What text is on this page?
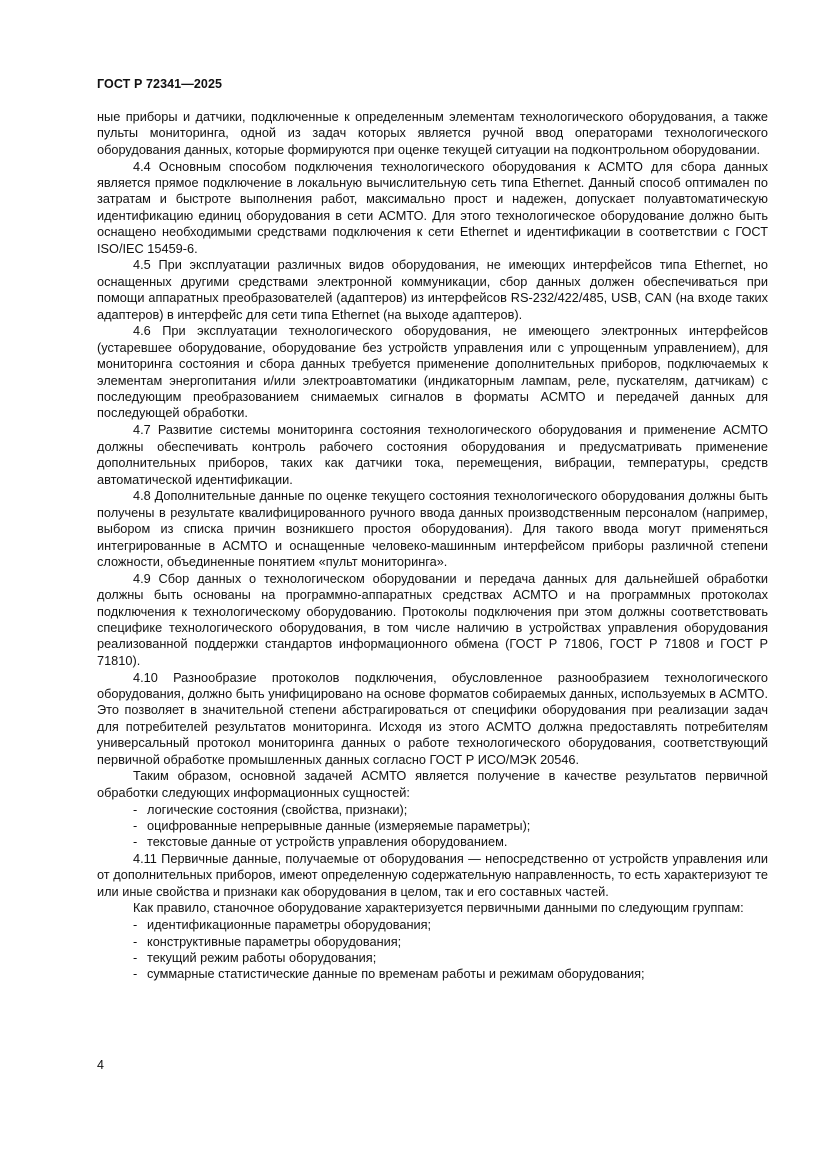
ГОСТ Р 72341—2025

ные приборы и датчики, подключенные к определенным элементам технологического оборудования, а также пульты мониторинга, одной из задач которых является ручной ввод операторами технологического оборудования данных, которые формируются при оценке текущей ситуации на подконтрольном оборудовании.

4.4 Основным способом подключения технологического оборудования к АСМТО для сбора данных является прямое подключение в локальную вычислительную сеть типа Ethernet. Данный способ оптимален по затратам и быстроте выполнения работ, максимально прост и надежен, допускает полуавтоматическую идентификацию единиц оборудования в сети АСМТО. Для этого технологическое оборудование должно быть оснащено необходимыми средствами подключения к сети Ethernet и идентификации в соответствии с ГОСТ ISO/IEC 15459-6.

4.5 При эксплуатации различных видов оборудования, не имеющих интерфейсов типа Ethernet, но оснащенных другими средствами электронной коммуникации, сбор данных должен обеспечиваться при помощи аппаратных преобразователей (адаптеров) из интерфейсов RS-232/422/485, USB, CAN (на входе таких адаптеров) в интерфейс для сети типа Ethernet (на выходе адаптеров).

4.6 При эксплуатации технологического оборудования, не имеющего электронных интерфейсов (устаревшее оборудование, оборудование без устройств управления или с упрощенным управлением), для мониторинга состояния и сбора данных требуется применение дополнительных приборов, подключаемых к элементам энергопитания и/или электроавтоматики (индикаторным лампам, реле, пускателям, датчикам) с последующим преобразованием снимаемых сигналов в форматы АСМТО и передачей данных для последующей обработки.

4.7 Развитие системы мониторинга состояния технологического оборудования и применение АСМТО должны обеспечивать контроль рабочего состояния оборудования и предусматривать применение дополнительных приборов, таких как датчики тока, перемещения, вибрации, температуры, средств автоматической идентификации.

4.8 Дополнительные данные по оценке текущего состояния технологического оборудования должны быть получены в результате квалифицированного ручного ввода данных производственным персоналом (например, выбором из списка причин возникшего простоя оборудования). Для такого ввода могут применяться интегрированные в АСМТО и оснащенные человеко-машинным интерфейсом приборы различной степени сложности, объединенные понятием «пульт мониторинга».

4.9 Сбор данных о технологическом оборудовании и передача данных для дальнейшей обработки должны быть основаны на программно-аппаратных средствах АСМТО и на программных протоколах подключения к технологическому оборудованию. Протоколы подключения при этом должны соответствовать специфике технологического оборудования, в том числе наличию в устройствах управления оборудования реализованной поддержки стандартов информационного обмена (ГОСТ Р 71806, ГОСТ Р 71808 и ГОСТ Р 71810).

4.10 Разнообразие протоколов подключения, обусловленное разнообразием технологического оборудования, должно быть унифицировано на основе форматов собираемых данных, используемых в АСМТО. Это позволяет в значительной степени абстрагироваться от специфики оборудования при реализации задач для потребителей результатов мониторинга. Исходя из этого АСМТО должна предоставлять потребителям универсальный протокол мониторинга данных о работе технологического оборудования, соответствующий первичной обработке промышленных данных согласно ГОСТ Р ИСО/МЭК 20546.

Таким образом, основной задачей АСМТО является получение в качестве результатов первичной обработки следующих информационных сущностей:

- логические состояния (свойства, признаки);

- оцифрованные непрерывные данные (измеряемые параметры);

- текстовые данные от устройств управления оборудованием.

4.11 Первичные данные, получаемые от оборудования — непосредственно от устройств управления или от дополнительных приборов, имеют определенную содержательную направленность, то есть характеризуют те или иные свойства и признаки как оборудования в целом, так и его составных частей.

Как правило, станочное оборудование характеризуется первичными данными по следующим группам:

- идентификационные параметры оборудования;

- конструктивные параметры оборудования;

- текущий режим работы оборудования;

- суммарные статистические данные по временам работы и режимам оборудования;

4
